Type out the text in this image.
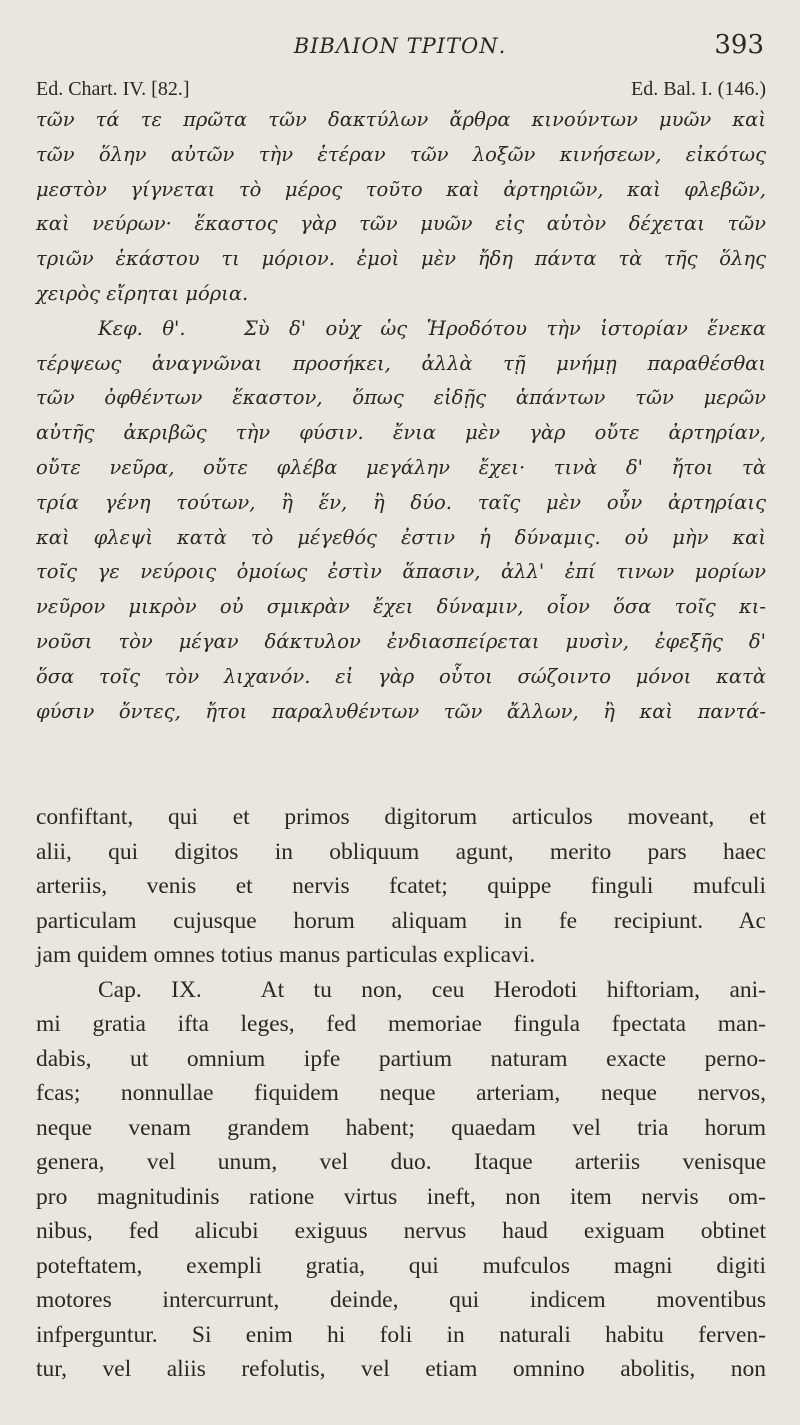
ΒΙΒΛΙΟΝ ΤΡΙΤΟΝ.	393
Ed. Chart. IV. [82.]	Ed. Bal. I. (146.)
τῶν τά τε πρῶτα τῶν δακτύλων ἄρθρα κινούντων μυῶν καὶ
τῶν ὅλην αὐτῶν τὴν ἑτέραν τῶν λοξῶν κινήσεων, εἰκότως
μεστὸν γίγνεται τὸ μέρος τοῦτο καὶ ἀρτηριῶν, καὶ φλεβῶν,
καὶ νεύρων· ἕκαστος γὰρ τῶν μυῶν εἰς αὑτὸν δέχεται τῶν
τριῶν ἑκάστου τι μόριον. ἐμοὶ μὲν ἤδη πάντα τὰ τῆς ὅλης
χειρὸς εἴρηται μόρια.
Κεφ. θ'.	Σὺ δ' οὐχ ὡς Ἡροδότου τὴν ἱστορίαν ἕνεκα
τέρψεως ἀναγνῶναι προσήκει, ἀλλὰ τῇ μνήμῃ παραθέσθαι
τῶν ὀφθέντων ἕκαστον, ὅπως εἰδῇς ἁπάντων τῶν μερῶν
αὐτῆς ἀκριβῶς τὴν φύσιν. ἔνια μὲν γὰρ οὔτε ἀρτηρίαν,
οὔτε νεῦρα, οὔτε φλέβα μεγάλην ἔχει· τινὰ δ' ἤτοι τὰ
τρία γένη τούτων, ἢ ἕν, ἢ δύο. ταῖς μὲν οὖν ἀρτηρίαις
καὶ φλεψὶ κατὰ τὸ μέγεθός ἐστιν ἡ δύναμις. οὐ μὴν καὶ
τοῖς γε νεύροις ὁμοίως ἐστὶν ἅπασιν, ἀλλ' ἐπί τινων μορίων
νεῦρον μικρὸν οὐ σμικρὰν ἔχει δύναμιν, οἷον ὅσα τοῖς κι-
νοῦσι τὸν μέγαν δάκτυλον ἐνδιασπείρεται μυσὶν, ἐφεξῆς δ'
ὅσα τοῖς τὸν λιχανόν. εἰ γὰρ οὗτοι σώζοιντο μόνοι κατὰ
φύσιν ὄντες, ἤτοι παραλυθέντων τῶν ἄλλων, ἢ καὶ παντά-
confiftant, qui et primos digitorum articulos moveant, et
alii, qui digitos in obliquum agunt, merito pars haec
arteriis, venis et nervis fcatet; quippe finguli mufculi
particulam cujusque horum aliquam in fe recipiunt. Ac
jam quidem omnes totius manus particulas explicavi.
Cap. IX.	At tu non, ceu Herodoti hiftoriam, ani-
mi gratia ifta leges, fed memoriae fingula fpectata man-
dabis, ut omnium ipfe partium naturam exacte perno-
fcas; nonnullae fiquidem neque arteriam, neque nervos,
neque venam grandem habent; quaedam vel tria horum
genera, vel unum, vel duo. Itaque arteriis venisque
pro magnitudinis ratione virtus ineft, non item nervis om-
nibus, fed alicubi exiguus nervus haud exiguam obtinet
poteftatem, exempli gratia, qui mufculos magni digiti
motores intercurrunt, deinde, qui indicem moventibus
infperguntur. Si enim hi foli in naturali habitu ferven-
tur, vel aliis refolutis, vel etiam omnino abolitis, non
